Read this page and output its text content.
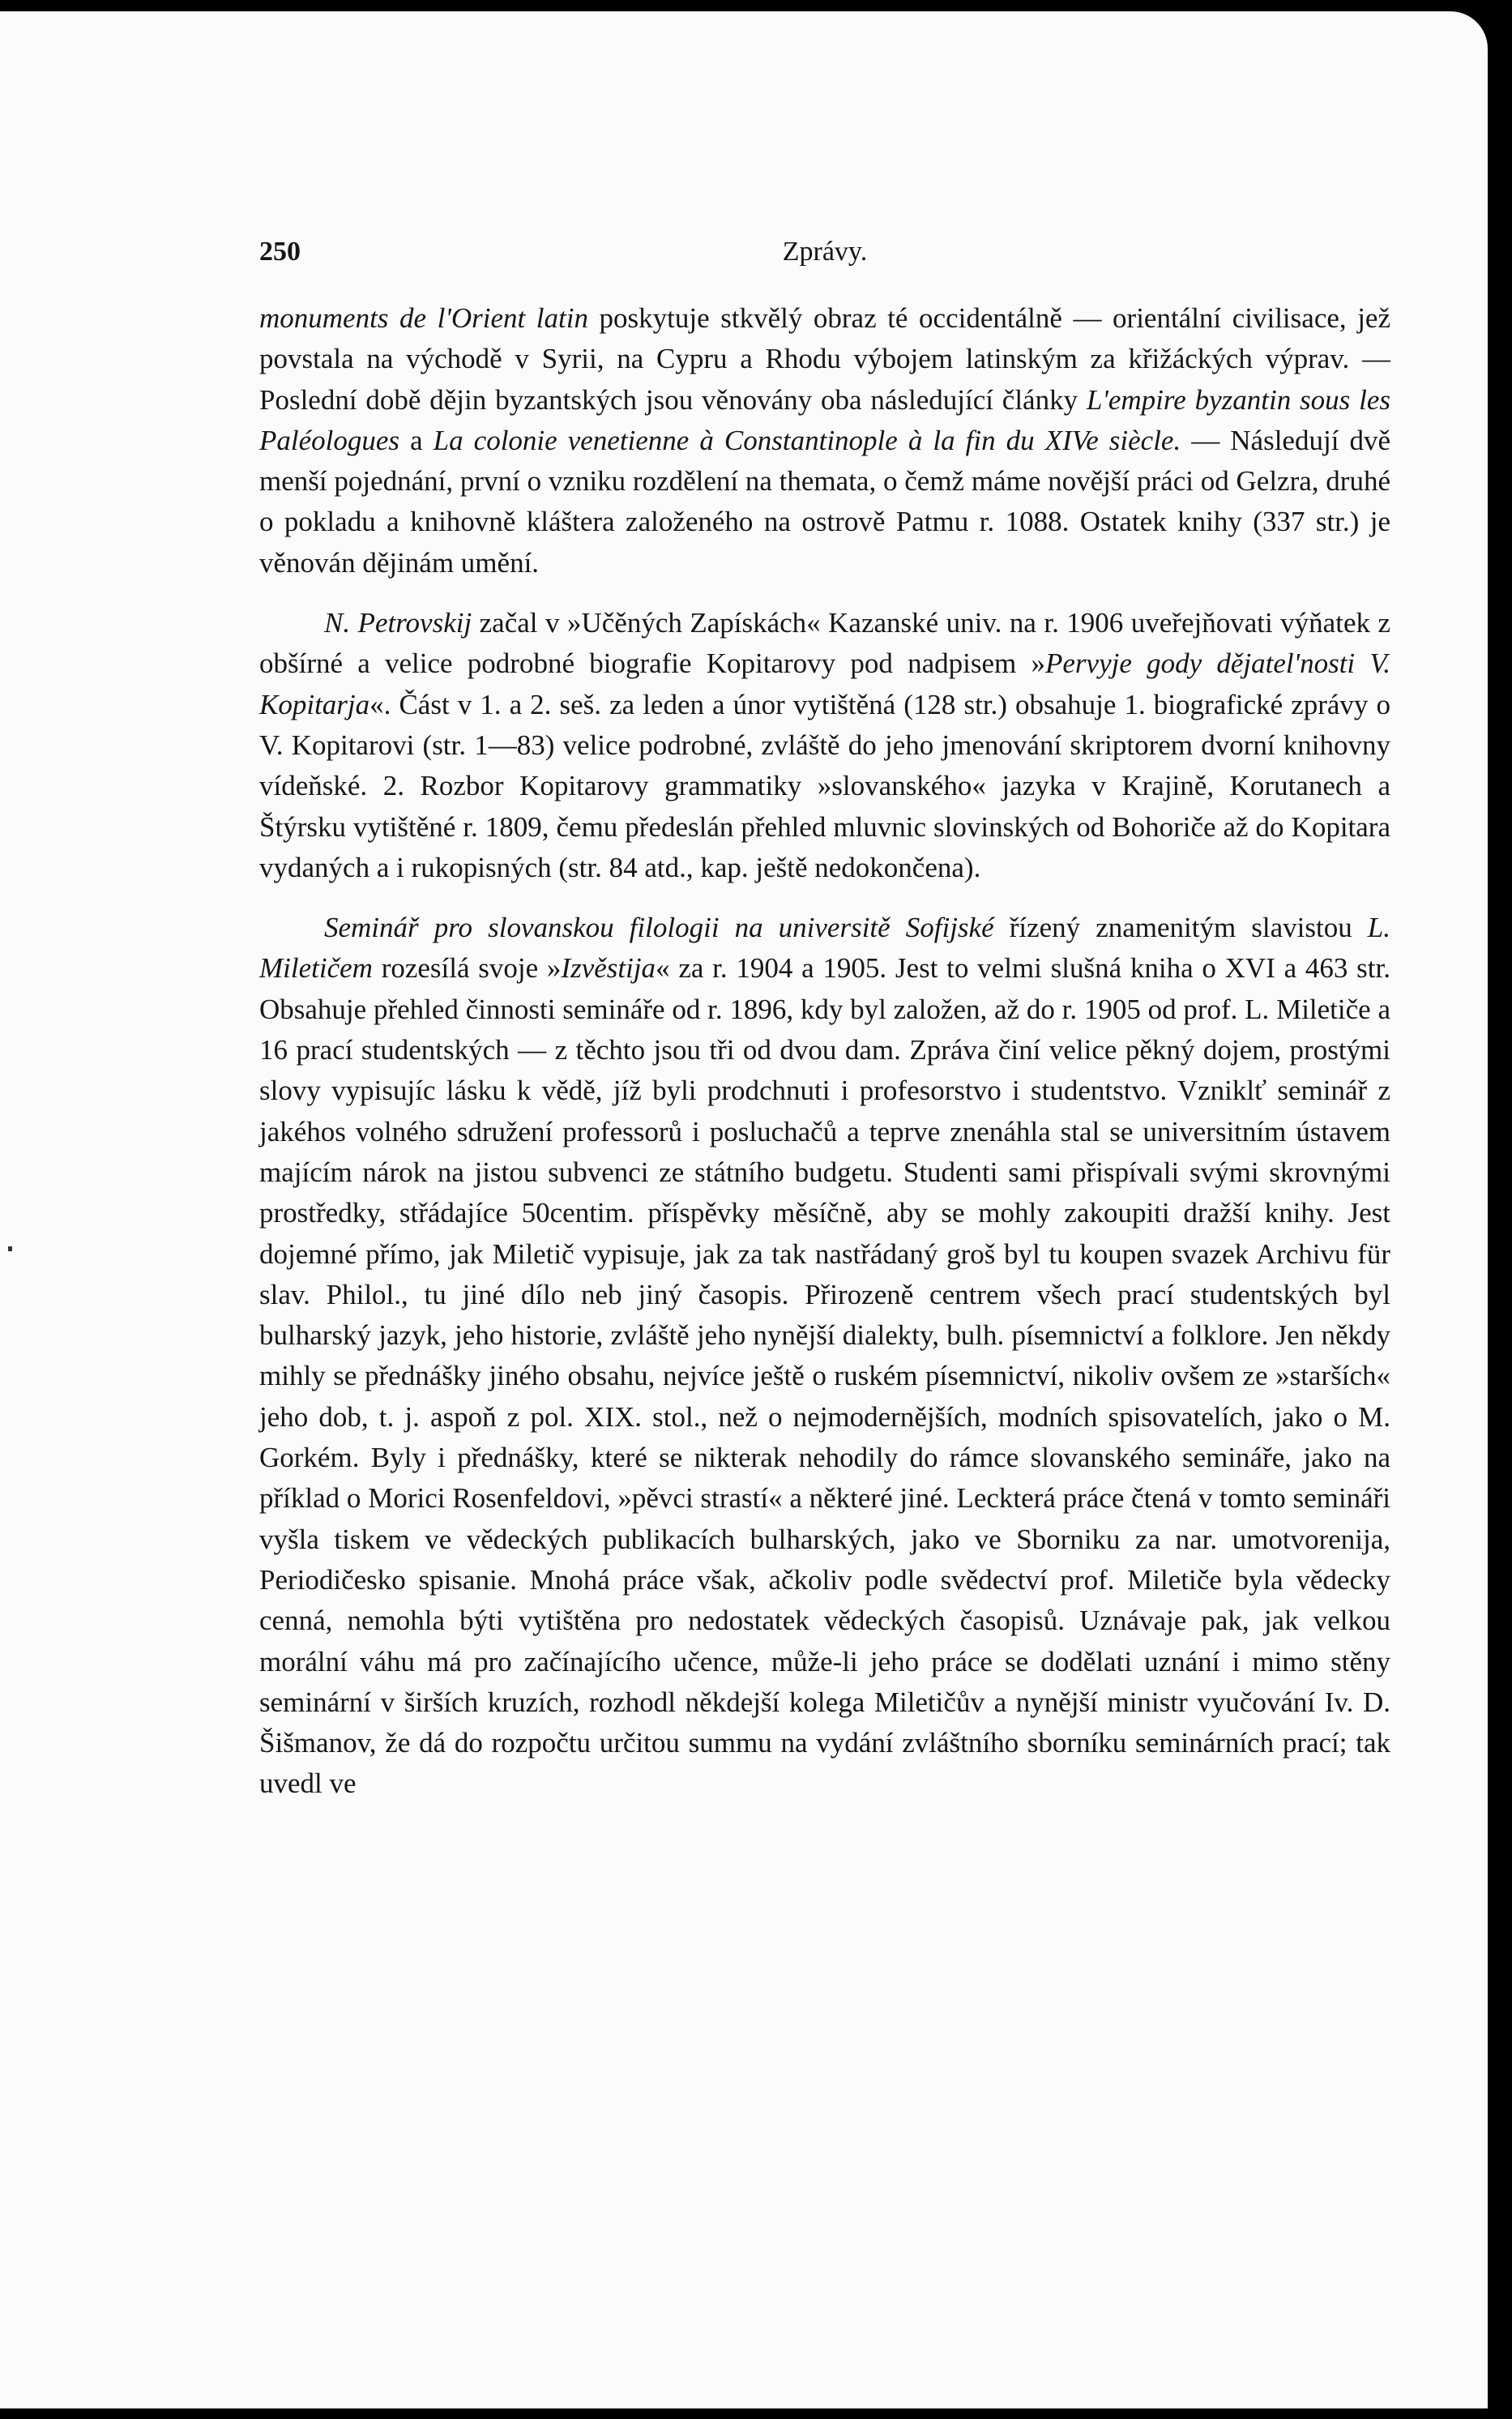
250	Zprávy.

monuments de l'Orient latin poskytuje stkvělý obraz té occidentálně — orientální civilisace, jež povstala na východě v Syrii, na Cypru a Rhodu výbojem latinským za křižáckých výprav. — Poslední době dějin byzantských jsou věnovány oba následující články L'empire byzantin sous les Paléologues a La colonie venetienne à Constantinople à la fin du XIVe siècle. — Následují dvě menší pojednání, první o vzniku rozdělení na themata, o čemž máme novější práci od Gelzra, druhé o pokladu a knihovně kláštera založeného na ostrově Patmu r. 1088. Ostatek knihy (337 str.) je věnován dějinám umění.

N. Petrovskij začal v »Učěných Zapískách« Kazanské univ. na r. 1906 uveřejňovati výňatek z obšírné a velice podrobné biografie Kopitarovy pod nadpisem »Pervyje gody dějatel'nosti V. Kopitarja«. Část v 1. a 2. seš. za leden a únor vytištěná (128 str.) obsahuje 1. biografické zprávy o V. Kopitarovi (str. 1—83) velice podrobné, zvláště do jeho jmenování skriptorem dvorní knihovny vídeňské. 2. Rozbor Kopitarovy grammatiky »slovanského« jazyka v Krajině, Korutanech a Štýrsku vytištěné r. 1809, čemu předeslán přehled mluvnic slovinských od Bohoriče až do Kopitara vydaných a i rukopisných (str. 84 atd., kap. ještě nedokončena).

Seminář pro slovanskou filologii na universitě Sofijské řízený znamenitým slavistou L. Miletičem rozesílá svoje »Izvěstija« za r. 1904 a 1905. Jest to velmi slušná kniha o XVI a 463 str. Obsahuje přehled činnosti semináře od r. 1896, kdy byl založen, až do r. 1905 od prof. L. Miletiče a 16 prací studentských — z těchto jsou tři od dvou dam. Zpráva činí velice pěkný dojem, prostými slovy vypisujíc lásku k vědě, jíž byli prodchnuti i profesorstvo i studentstvo. Vzniklť seminář z jakéhos volného sdružení professorů i posluchačů a teprve znenáhla stal se universitním ústavem majícím nárok na jistou subvenci ze státního budgetu. Studenti sami přispívali svými skrovnými prostředky, střádajíce 50centim. příspěvky měsíčně, aby se mohly zakoupiti dražší knihy. Jest dojemné přímo, jak Miletič vypisuje, jak za tak nastřádaný groš byl tu koupen svazek Archivu für slav. Philol., tu jiné dílo neb jiný časopis. Přirozeně centrem všech prací studentských byl bulharský jazyk, jeho historie, zvláště jeho nynější dialekty, bulh. písemnictví a folklore. Jen někdy mihly se přednášky jiného obsahu, nejvíce ještě o ruském písemnictví, nikoliv ovšem ze »starších« jeho dob, t. j. aspoň z pol. XIX. stol., než o nejmodernějších, modních spisovatelích, jako o M. Gorkém. Byly i přednášky, které se nikterak nehodily do rámce slovanského semináře, jako na příklad o Morici Rosenfeldovi, »pěvci strastí« a některé jiné. Leckterá práce čtená v tomto semináři vyšla tiskem ve vědeckých publikacích bulharských, jako ve Sborniku za nar. umotvorenija, Periodičesko spisanie. Mnohá práce však, ačkoliv podle svědectví prof. Miletiče byla vědecky cenná, nemohla býti vytištěna pro nedostatek vědeckých časopisů. Uznávaje pak, jak velkou morální váhu má pro začínajícího učence, může-li jeho práce se dodělati uznání i mimo stěny seminární v širších kruzích, rozhodl někdejší kolega Miletičův a nynější ministr vyučování Iv. D. Šišmanov, že dá do rozpočtu určitou summu na vydání zvláštního sborníku seminárních prací; tak uvedl ve
